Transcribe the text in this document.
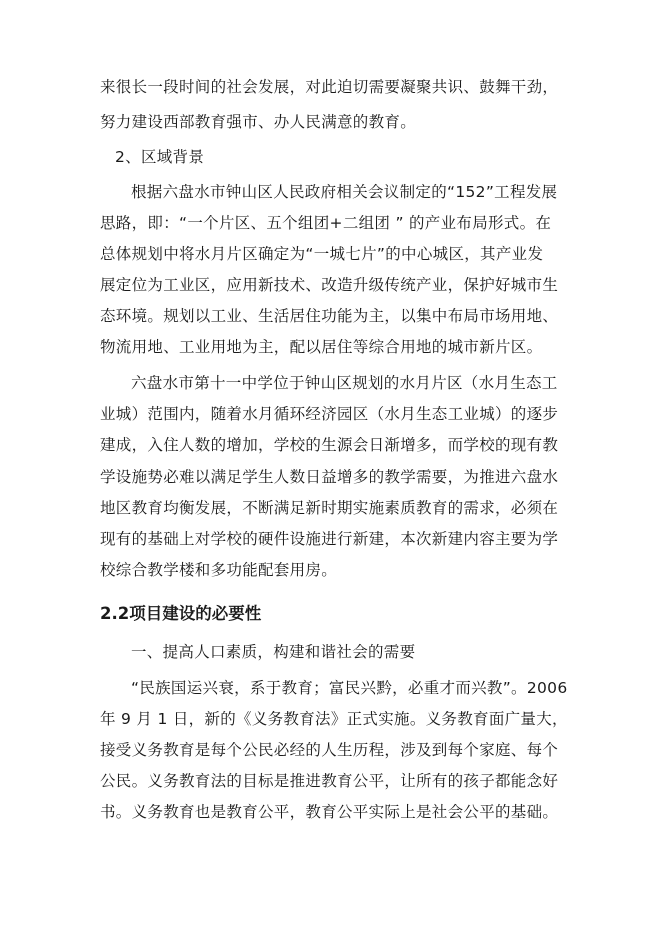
来很长一段时间的社会发展，对此迫切需要凝聚共识、鼓舞干劲，
努力建设西部教育强市、办人民满意的教育。
2、区域背景
根据六盘水市钟山区人民政府相关会议制定的“152”工程发展
思路，即：“一个片区、五个组团+二组团 ” 的产业布局形式。在
总体规划中将水月片区确定为“一城七片”的中心城区，其产业发
展定位为工业区，应用新技术、改造升级传统产业，保护好城市生
态环境。规划以工业、生活居住功能为主，以集中布局市场用地、
物流用地、工业用地为主，配以居住等综合用地的城市新片区。
六盘水市第十一中学位于钟山区规划的水月片区（水月生态工
业城）范围内，随着水月循环经济园区（水月生态工业城）的逐步
建成，入住人数的增加，学校的生源会日渐增多，而学校的现有教
学设施势必难以满足学生人数日益增多的教学需要，为推进六盘水
地区教育均衡发展，不断满足新时期实施素质教育的需求，必须在
现有的基础上对学校的硬件设施进行新建，本次新建内容主要为学
校综合教学楼和多功能配套用房。
2.2项目建设的必要性
一、提高人口素质，构建和谐社会的需要
“民族国运兴衰，系于教育；富民兴黔，必重才而兴教”。2006
年 9 月 1 日，新的《义务教育法》正式实施。义务教育面广量大，
接受义务教育是每个公民必经的人生历程，涉及到每个家庭、每个
公民。义务教育法的目标是推进教育公平，让所有的孩子都能念好
书。义务教育也是教育公平，教育公平实际上是社会公平的基础。
